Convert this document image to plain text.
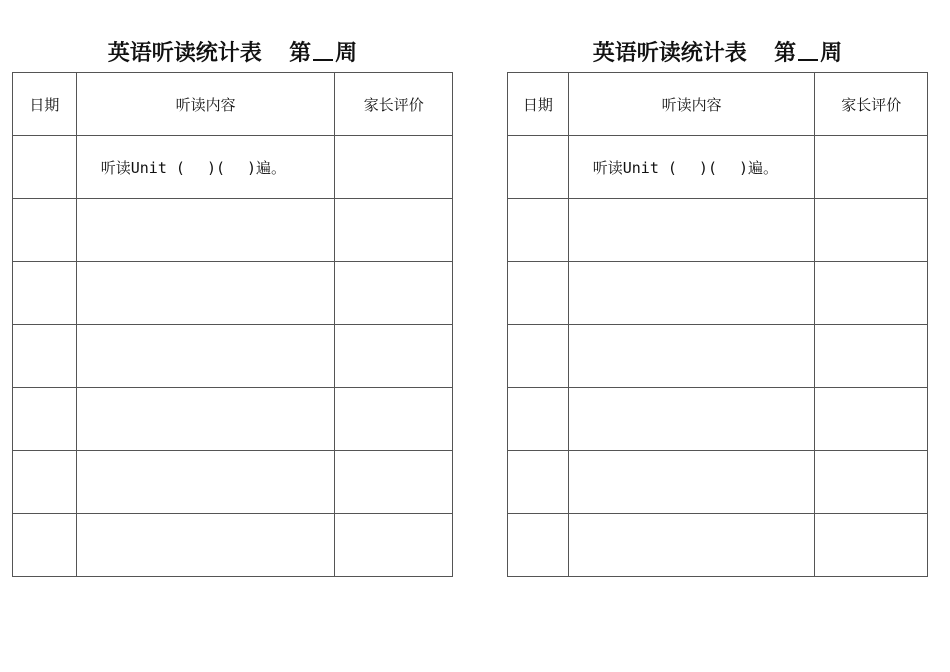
英语听读统计表 第 周
日期	听读内容	家长评价
	听读Unit ( )( )遍。	

英语听读统计表 第 周
日期	听读内容	家长评价
	听读Unit ( )( )遍。	
